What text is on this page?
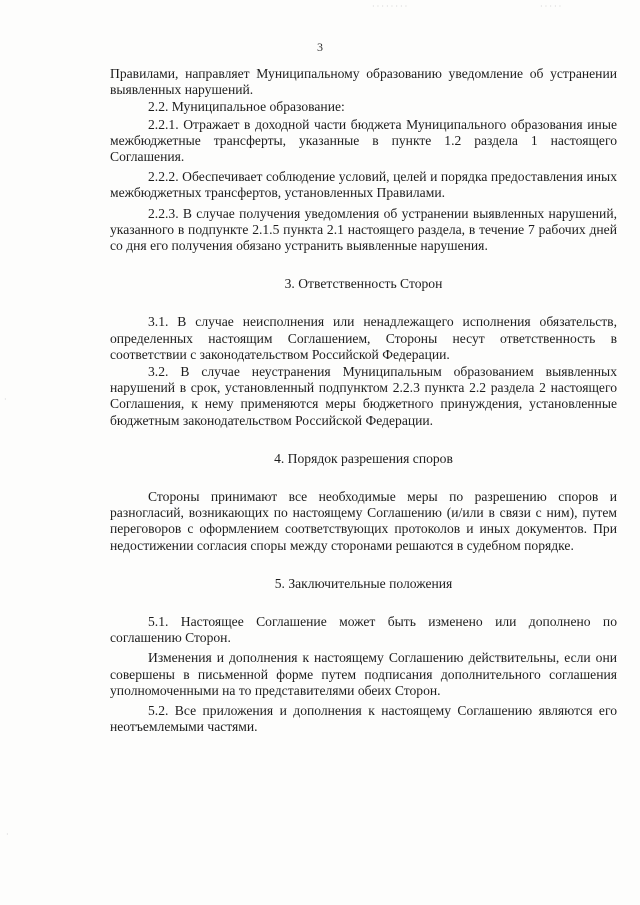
········	·····
·
·
3

Правилами, направляет Муниципальному образованию уведомление об устранении выявленных нарушений.

2.2. Муниципальное образование:

2.2.1. Отражает в доходной части бюджета Муниципального образования иные межбюджетные трансферты, указанные в пункте 1.2 раздела 1 настоящего Соглашения.

2.2.2. Обеспечивает соблюдение условий, целей и порядка предоставления иных межбюджетных трансфертов, установленных Правилами.

2.2.3. В случае получения уведомления об устранении выявленных нарушений, указанного в подпункте 2.1.5 пункта 2.1 настоящего раздела, в течение 7 рабочих дней со дня его получения обязано устранить выявленные нарушения.

3. Ответственность Сторон

3.1. В случае неисполнения или ненадлежащего исполнения обязательств, определенных настоящим Соглашением, Стороны несут ответственность в соответствии с законодательством Российской Федерации.

3.2. В случае неустранения Муниципальным образованием выявленных нарушений в срок, установленный подпунктом 2.2.3 пункта 2.2 раздела 2 настоящего Соглашения, к нему применяются меры бюджетного принуждения, установленные бюджетным законодательством Российской Федерации.

4. Порядок разрешения споров

Стороны принимают все необходимые меры по разрешению споров и разногласий, возникающих по настоящему Соглашению (и/или в связи с ним), путем переговоров с оформлением соответствующих протоколов и иных документов. При недостижении согласия споры между сторонами решаются в судебном порядке.

5. Заключительные положения

5.1. Настоящее Соглашение может быть изменено или дополнено по соглашению Сторон.

Изменения и дополнения к настоящему Соглашению действительны, если они совершены в письменной форме путем подписания дополнительного соглашения уполномоченными на то представителями обеих Сторон.

5.2. Все приложения и дополнения к настоящему Соглашению являются его неотъемлемыми частями.
